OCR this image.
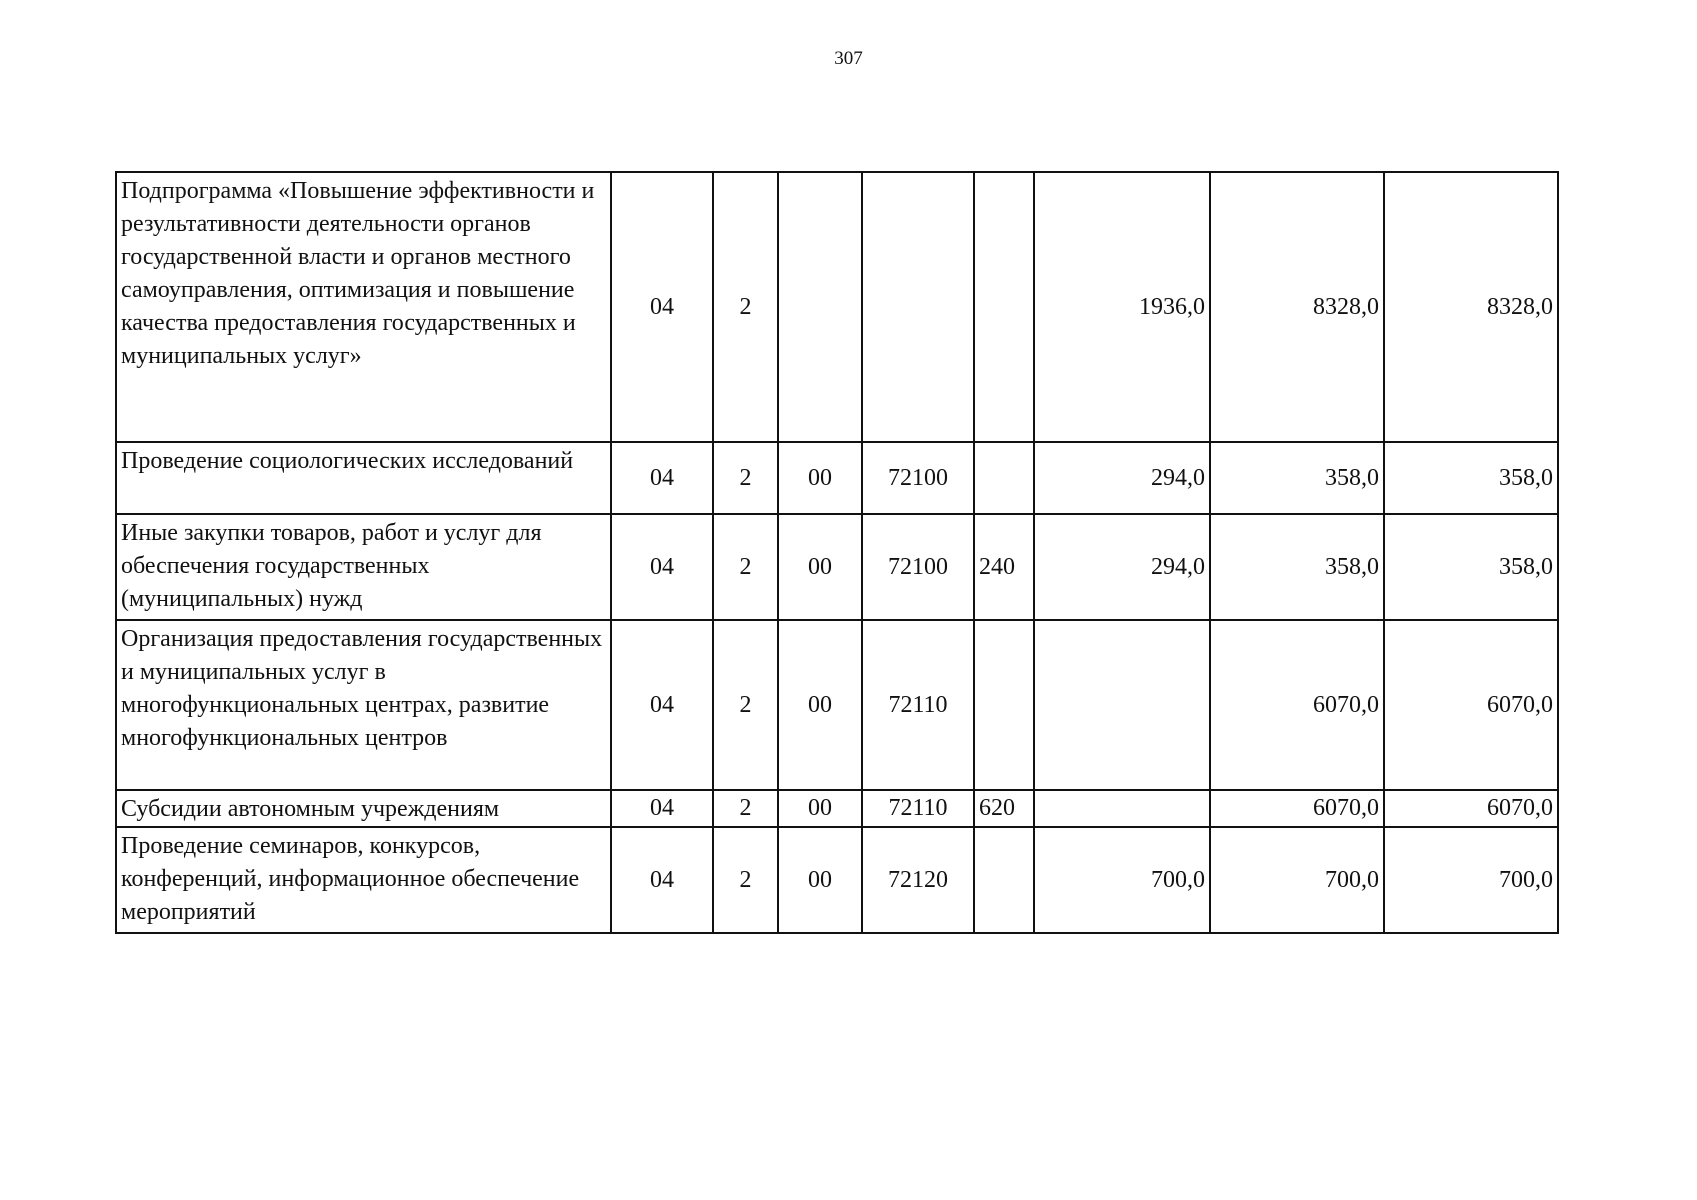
307
Подпрограмма «Повышение эффективности и результативности деятельности органов государственной власти и органов местного самоуправления, оптимизация и повышение качества предоставления государственных и муниципальных услуг»	04	2				1936,0	8328,0	8328,0
Проведение социологических исследований	04	2	00	72100		294,0	358,0	358,0
Иные закупки товаров, работ и услуг для обеспечения государственных (муниципальных) нужд	04	2	00	72100	240	294,0	358,0	358,0
Организация предоставления государственных и муниципальных услуг в многофункциональных центрах, развитие многофункциональных центров	04	2	00	72110			6070,0	6070,0
Субсидии автономным учреждениям	04	2	00	72110	620		6070,0	6070,0
Проведение семинаров, конкурсов, конференций, информационное обеспечение мероприятий	04	2	00	72120		700,0	700,0	700,0
